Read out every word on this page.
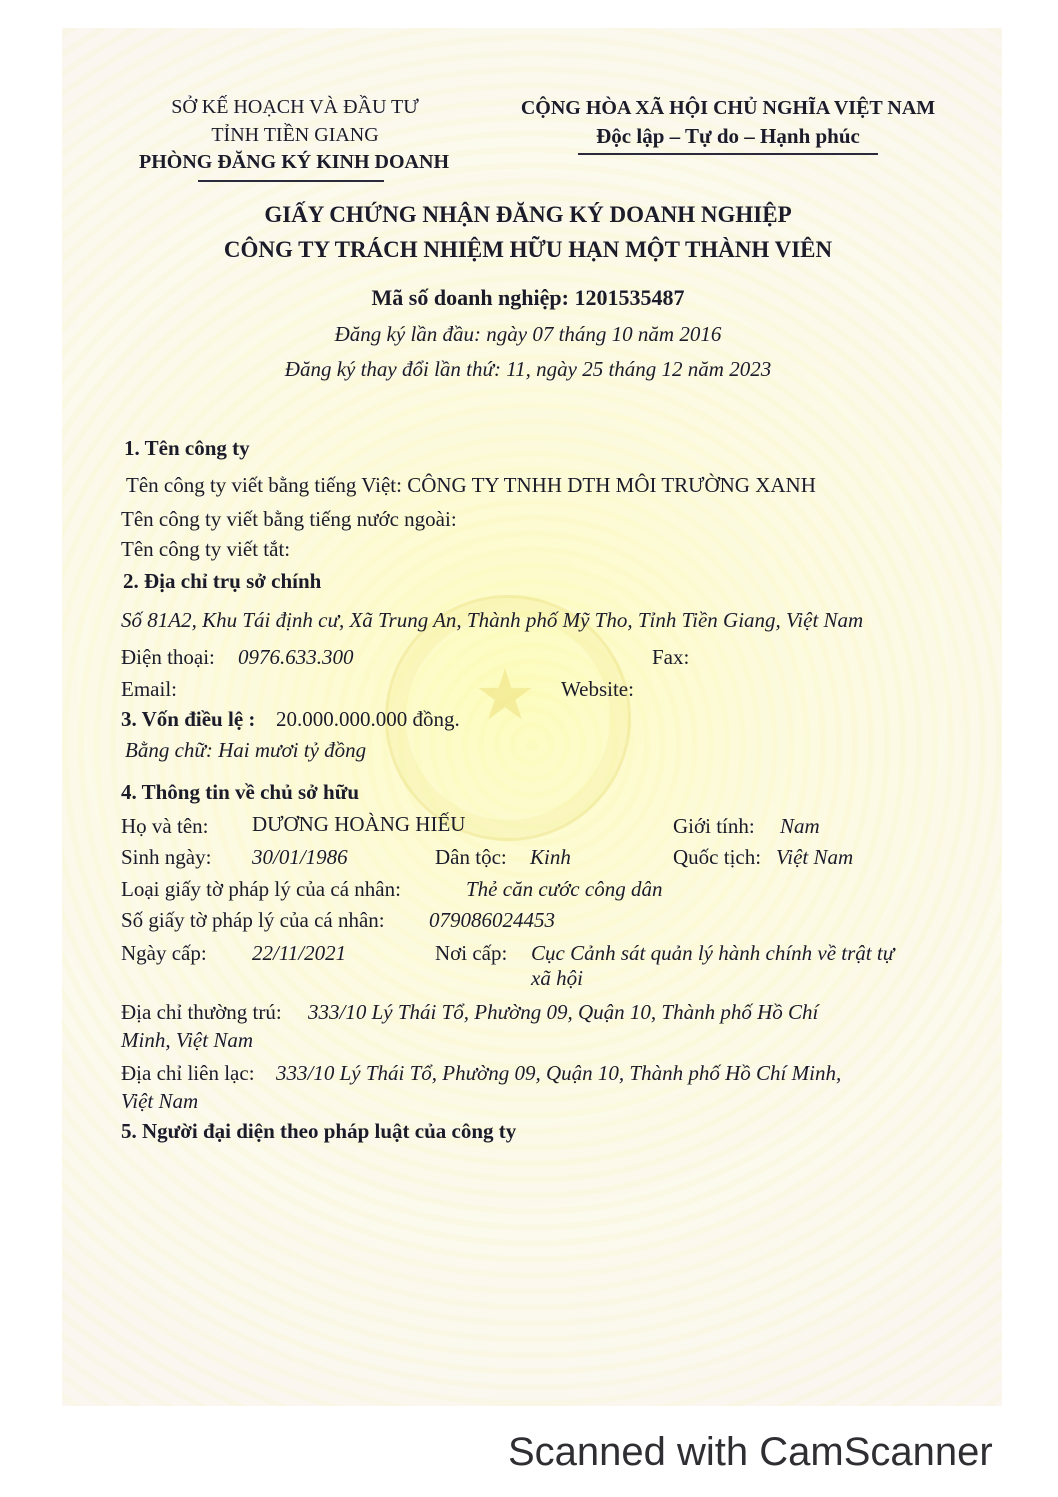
★
SỞ KẾ HOẠCH VÀ ĐẦU TƯ
TỈNH TIỀN GIANG
PHÒNG ĐĂNG KÝ KINH DOANH
CỘNG HÒA XÃ HỘI CHỦ NGHĨA VIỆT NAM
Độc lập – Tự do – Hạnh phúc
GIẤY CHỨNG NHẬN ĐĂNG KÝ DOANH NGHIỆP
CÔNG TY TRÁCH NHIỆM HỮU HẠN MỘT THÀNH VIÊN
Mã số doanh nghiệp: 1201535487
Đăng ký lần đầu: ngày 07 tháng 10 năm 2016
Đăng ký thay đổi lần thứ: 11, ngày 25 tháng 12 năm 2023
1. Tên công ty
Tên công ty viết bằng tiếng Việt: CÔNG TY TNHH DTH MÔI TRƯỜNG XANH
Tên công ty viết bằng tiếng nước ngoài:
Tên công ty viết tắt:
2. Địa chỉ trụ sở chính
Số 81A2, Khu Tái định cư, Xã Trung An, Thành phố Mỹ Tho, Tỉnh Tiền Giang, Việt Nam
Điện thoại: 0976.633.300	Fax:
Email:	Website:
3. Vốn điều lệ : 20.000.000.000 đồng.
Bằng chữ: Hai mươi tỷ đồng
4. Thông tin về chủ sở hữu
Họ và tên: DƯƠNG HOÀNG HIẾU	Giới tính: Nam
Sinh ngày: 30/01/1986	Dân tộc: Kinh	Quốc tịch: Việt Nam
Loại giấy tờ pháp lý của cá nhân:	Thẻ căn cước công dân
Số giấy tờ pháp lý của cá nhân: 079086024453
Ngày cấp: 22/11/2021	Nơi cấp: Cục Cảnh sát quản lý hành chính về trật tự
xã hội
Địa chỉ thường trú: 333/10 Lý Thái Tổ, Phường 09, Quận 10, Thành phố Hồ Chí
Minh, Việt Nam
Địa chỉ liên lạc: 333/10 Lý Thái Tổ, Phường 09, Quận 10, Thành phố Hồ Chí Minh,
Việt Nam
5. Người đại diện theo pháp luật của công ty
Scanned with CamScanner
